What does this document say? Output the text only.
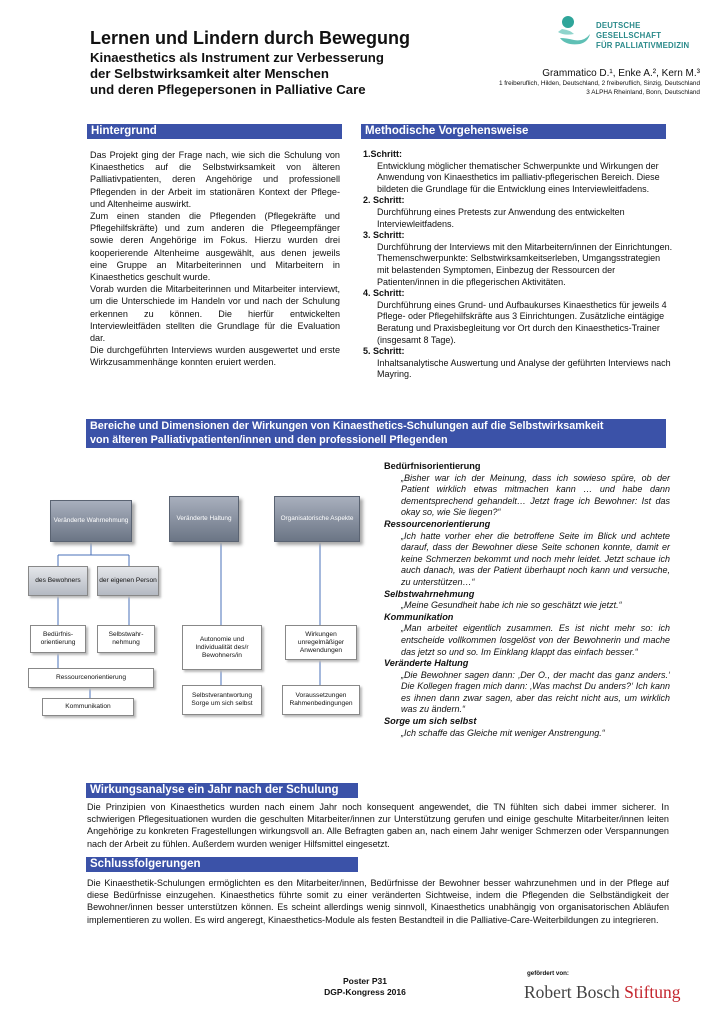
Lernen und Lindern durch Bewegung
Kinaesthetics als Instrument zur Verbesserung
der Selbstwirksamkeit alter Menschen
und deren Pflegepersonen in Palliative Care
DEUTSCHE GESELLSCHAFT
FÜR PALLIATIVMEDIZIN
Grammatico D.¹, Enke A.², Kern M.³
1 freiberuflich, Hilden, Deutschland, 2 freiberuflich, Sinzig, Deutschland
3 ALPHA Rheinland, Bonn, Deutschland
Hintergrund
Das Projekt ging der Frage nach, wie sich die Schulung von Kinaesthetics auf die Selbstwirksamkeit von älteren Palliativpatienten, deren Angehörige und professionell Pflegenden in der Arbeit im stationären Kontext der Pflege- und Altenheime auswirkt.
Zum einen standen die Pflegenden (Pflegekräfte und Pflegehilfskräfte) und zum anderen die Pflegeempfänger sowie deren Angehörige im Fokus. Hierzu wurden drei kooperierende Altenheime ausgewählt, aus denen jeweils eine Gruppe an Mitarbeiterinnen und Mitarbeitern in Kinaesthetics geschult wurde.
Vorab wurden die Mitarbeiterinnen und Mitarbeiter interviewt, um die Unterschiede im Handeln vor und nach der Schulung erkennen zu können. Die hierfür entwickelten Interviewleitfäden stellten die Grundlage für die Evaluation dar.
Die durchgeführten Interviews wurden ausgewertet und erste Wirkzusammenhänge konnten eruiert werden.
Methodische Vorgehensweise
1.Schritt:
Entwicklung möglicher thematischer Schwerpunkte und Wirkungen der Anwendung von Kinaesthetics im palliativ-pflegerischen Bereich. Diese bildeten die Grundlage für die Entwicklung eines Interviewleitfadens.
2. Schritt:
Durchführung eines Pretests zur Anwendung des entwickelten Interviewleitfadens.
3. Schritt:
Durchführung der Interviews mit den Mitarbeitern/innen der Einrichtungen. Themenschwerpunkte: Selbstwirksamkeitserleben, Umgangsstrategien mit belastenden Symptomen, Einbezug der Ressourcen der Patienten/innen in die pflegerischen Aktivitäten.
4. Schritt:
Durchführung eines Grund- und Aufbaukurses Kinaesthetics für jeweils 4 Pflege- oder Pflegehilfskräfte aus 3 Einrichtungen. Zusätzliche eintägige Beratung und Praxisbegleitung vor Ort durch den Kinaesthetics-Trainer (insgesamt 8 Tage).
5. Schritt:
Inhaltsanalytische Auswertung und Analyse der geführten Interviews nach Mayring.
Bereiche und Dimensionen der Wirkungen von Kinaesthetics-Schulungen auf die Selbstwirksamkeit
von älteren Palliativpatienten/innen und den professionell Pflegenden
Veränderte Wahrnehmung	Veränderte Haltung	Organisatorische Aspekte
des Bewohners	der eigenen Person
Bedürfnis-orientierung
Selbstwahr-nehmung
Ressourcenorientierung
Kommunikation
Autonomie und Individualität des/r Bewohners/in
Selbstverantwortung Sorge um sich selbst
Wirkungen unregelmäßiger Anwendungen
Voraussetzungen Rahmenbedingungen
Bedürfnisorientierung
„Bisher war ich der Meinung, dass ich sowieso spüre, ob der Patient wirklich etwas mitmachen kann … und habe dann dementsprechend gehandelt… Jetzt frage ich Bewohner: Ist das okay so, wie Sie liegen?“
Ressourcenorientierung
„Ich hatte vorher eher die betroffene Seite im Blick und achtete darauf, dass der Bewohner diese Seite schonen konnte, damit er keine Schmerzen bekommt und noch mehr leidet. Jetzt schaue ich auch danach, was der Patient überhaupt noch kann und versuche, zu unterstützen…“
Selbstwahrnehmung
„Meine Gesundheit habe ich nie so geschätzt wie jetzt.“
Kommunikation
„Man arbeitet eigentlich zusammen. Es ist nicht mehr so: ich entscheide vollkommen losgelöst von der Bewohnerin und mache das jetzt so und so. Im Einklang klappt das einfach besser.“
Veränderte Haltung
„Die Bewohner sagen dann: ‚Der O., der macht das ganz anders.‘ Die Kollegen fragen mich dann: ‚Was machst Du anders?‘ Ich kann es ihnen dann zwar sagen, aber das reicht nicht aus, um wirklich was zu ändern.“
Sorge um sich selbst
„Ich schaffe das Gleiche mit weniger Anstrengung.“
Wirkungsanalyse ein Jahr nach der Schulung
Die Prinzipien von Kinaesthetics wurden nach einem Jahr noch konsequent angewendet, die TN fühlten sich dabei immer sicherer. In schwierigen Pflegesituationen wurden die geschulten Mitarbeiter/innen zur Unterstützung gerufen und einige geschulte Mitarbeiter/innen leiten Angehörige zu konkreten Fragestellungen wirkungsvoll an. Alle Befragten gaben an, nach einem Jahr weniger Schmerzen oder Verspannungen nach der Arbeit zu fühlen. Außerdem wurden weniger Hilfsmittel eingesetzt.
Schlussfolgerungen
Die Kinaesthetik-Schulungen ermöglichten es den Mitarbeiter/innen, Bedürfnisse der Bewohner besser wahrzunehmen und in der Pflege auf diese Bedürfnisse einzugehen. Kinaesthetics führte somit zu einer veränderten Sichtweise, indem die Pflegenden die Selbständigkeit der Bewohner/innen besser unterstützen können. Es scheint allerdings wenig sinnvoll, Kinaesthetics unabhängig von organisatorischen Abläufen implementieren zu wollen. Es wird angeregt, Kinaesthetics-Module als festen Bestandteil in die Palliative-Care-Weiterbildungen zu integrieren.
Poster P31
DGP-Kongress 2016
gefördert von:
Robert Bosch Stiftung
